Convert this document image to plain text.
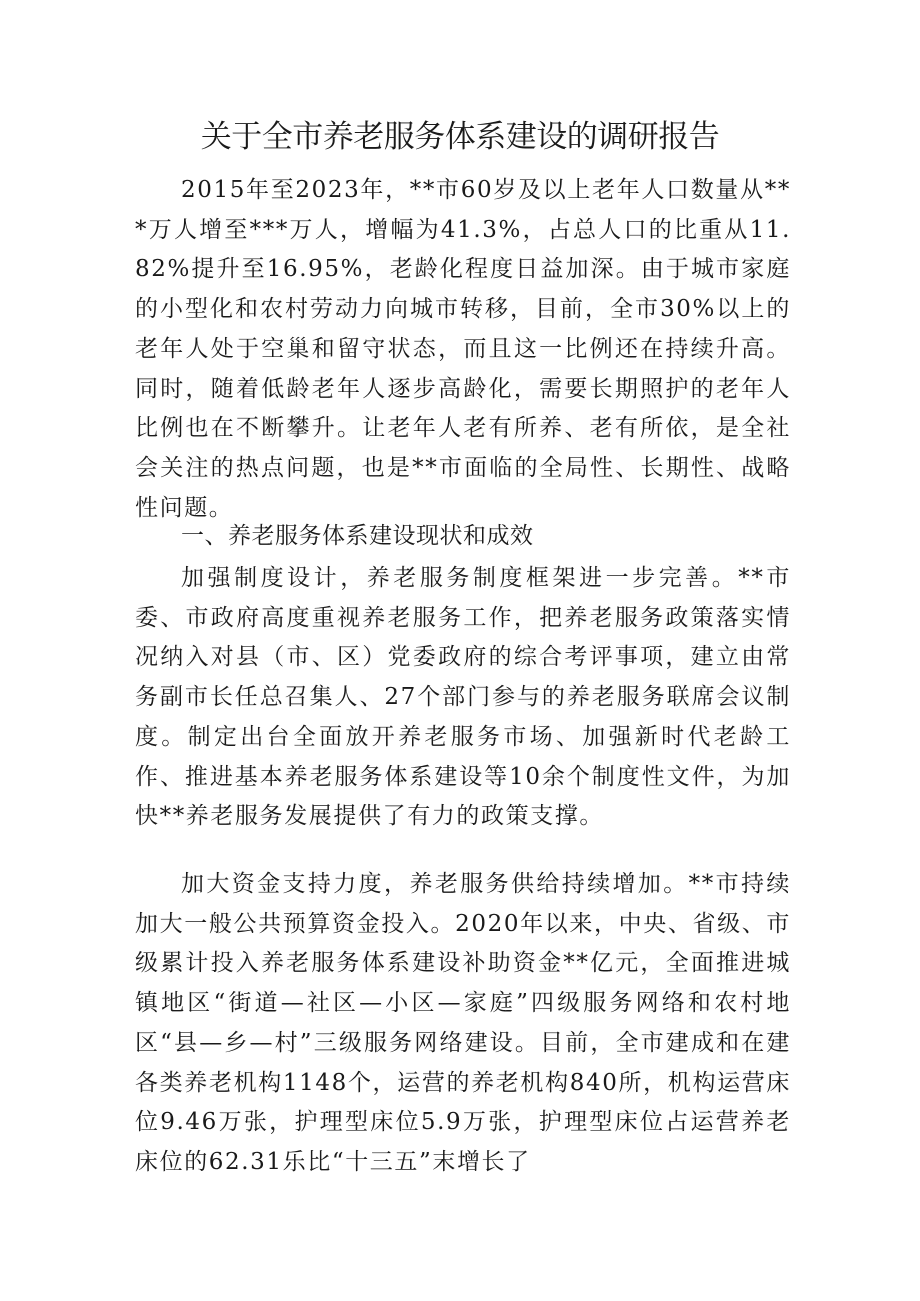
关于全市养老服务体系建设的调研报告

2015年至2023年，**市60岁及以上老年人口数量从***万人增至***万人，增幅为41.3%，占总人口的比重从11.82%提升至16.95%，老龄化程度日益加深。由于城市家庭的小型化和农村劳动力向城市转移，目前，全市30%以上的老年人处于空巢和留守状态，而且这一比例还在持续升高。同时，随着低龄老年人逐步高龄化，需要长期照护的老年人比例也在不断攀升。让老年人老有所养、老有所依，是全社会关注的热点问题，也是**市面临的全局性、长期性、战略性问题。

一、养老服务体系建设现状和成效

加强制度设计，养老服务制度框架进一步完善。**市委、市政府高度重视养老服务工作，把养老服务政策落实情况纳入对县（市、区）党委政府的综合考评事项，建立由常务副市长任总召集人、27个部门参与的养老服务联席会议制度。制定出台全面放开养老服务市场、加强新时代老龄工作、推进基本养老服务体系建设等10余个制度性文件，为加快**养老服务发展提供了有力的政策支撑。

加大资金支持力度，养老服务供给持续增加。**市持续加大一般公共预算资金投入。2020年以来，中央、省级、市级累计投入养老服务体系建设补助资金**亿元，全面推进城镇地区“街道—社区—小区—家庭”四级服务网络和农村地区“县—乡—村”三级服务网络建设。目前，全市建成和在建各类养老机构1148个，运营的养老机构840所，机构运营床位9.46万张，护理型床位5.9万张，护理型床位占运营养老床位的62.31乐比“十三五”末增长了
